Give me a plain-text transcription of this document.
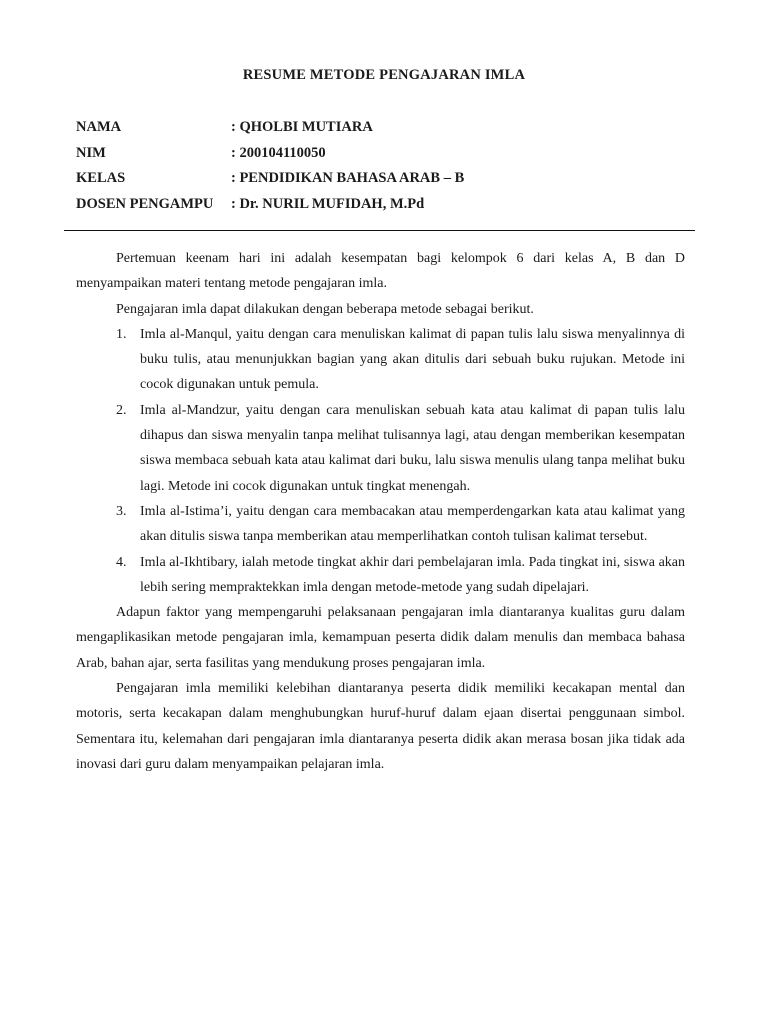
RESUME METODE PENGAJARAN IMLA
NAMA	: QHOLBI MUTIARA
NIM	: 200104110050
KELAS	: PENDIDIKAN BAHASA ARAB – B
DOSEN PENGAMPU	: Dr. NURIL MUFIDAH, M.Pd

Pertemuan keenam hari ini adalah kesempatan bagi kelompok 6 dari kelas A, B dan D menyampaikan materi tentang metode pengajaran imla.

Pengajaran imla dapat dilakukan dengan beberapa metode sebagai berikut.

1. Imla al-Manqul, yaitu dengan cara menuliskan kalimat di papan tulis lalu siswa menyalinnya di buku tulis, atau menunjukkan bagian yang akan ditulis dari sebuah buku rujukan. Metode ini cocok digunakan untuk pemula.
2. Imla al-Mandzur, yaitu dengan cara menuliskan sebuah kata atau kalimat di papan tulis lalu dihapus dan siswa menyalin tanpa melihat tulisannya lagi, atau dengan memberikan kesempatan siswa membaca sebuah kata atau kalimat dari buku, lalu siswa menulis ulang tanpa melihat buku lagi. Metode ini cocok digunakan untuk tingkat menengah.
3. Imla al-Istima’i, yaitu dengan cara membacakan atau memperdengarkan kata atau kalimat yang akan ditulis siswa tanpa memberikan atau memperlihatkan contoh tulisan kalimat tersebut.
4. Imla al-Ikhtibary, ialah metode tingkat akhir dari pembelajaran imla. Pada tingkat ini, siswa akan lebih sering mempraktekkan imla dengan metode-metode yang sudah dipelajari.

Adapun faktor yang mempengaruhi pelaksanaan pengajaran imla diantaranya kualitas guru dalam mengaplikasikan metode pengajaran imla, kemampuan peserta didik dalam menulis dan membaca bahasa Arab, bahan ajar, serta fasilitas yang mendukung proses pengajaran imla.

Pengajaran imla memiliki kelebihan diantaranya peserta didik memiliki kecakapan mental dan motoris, serta kecakapan dalam menghubungkan huruf-huruf dalam ejaan disertai penggunaan simbol. Sementara itu, kelemahan dari pengajaran imla diantaranya peserta didik akan merasa bosan jika tidak ada inovasi dari guru dalam menyampaikan pelajaran imla.
